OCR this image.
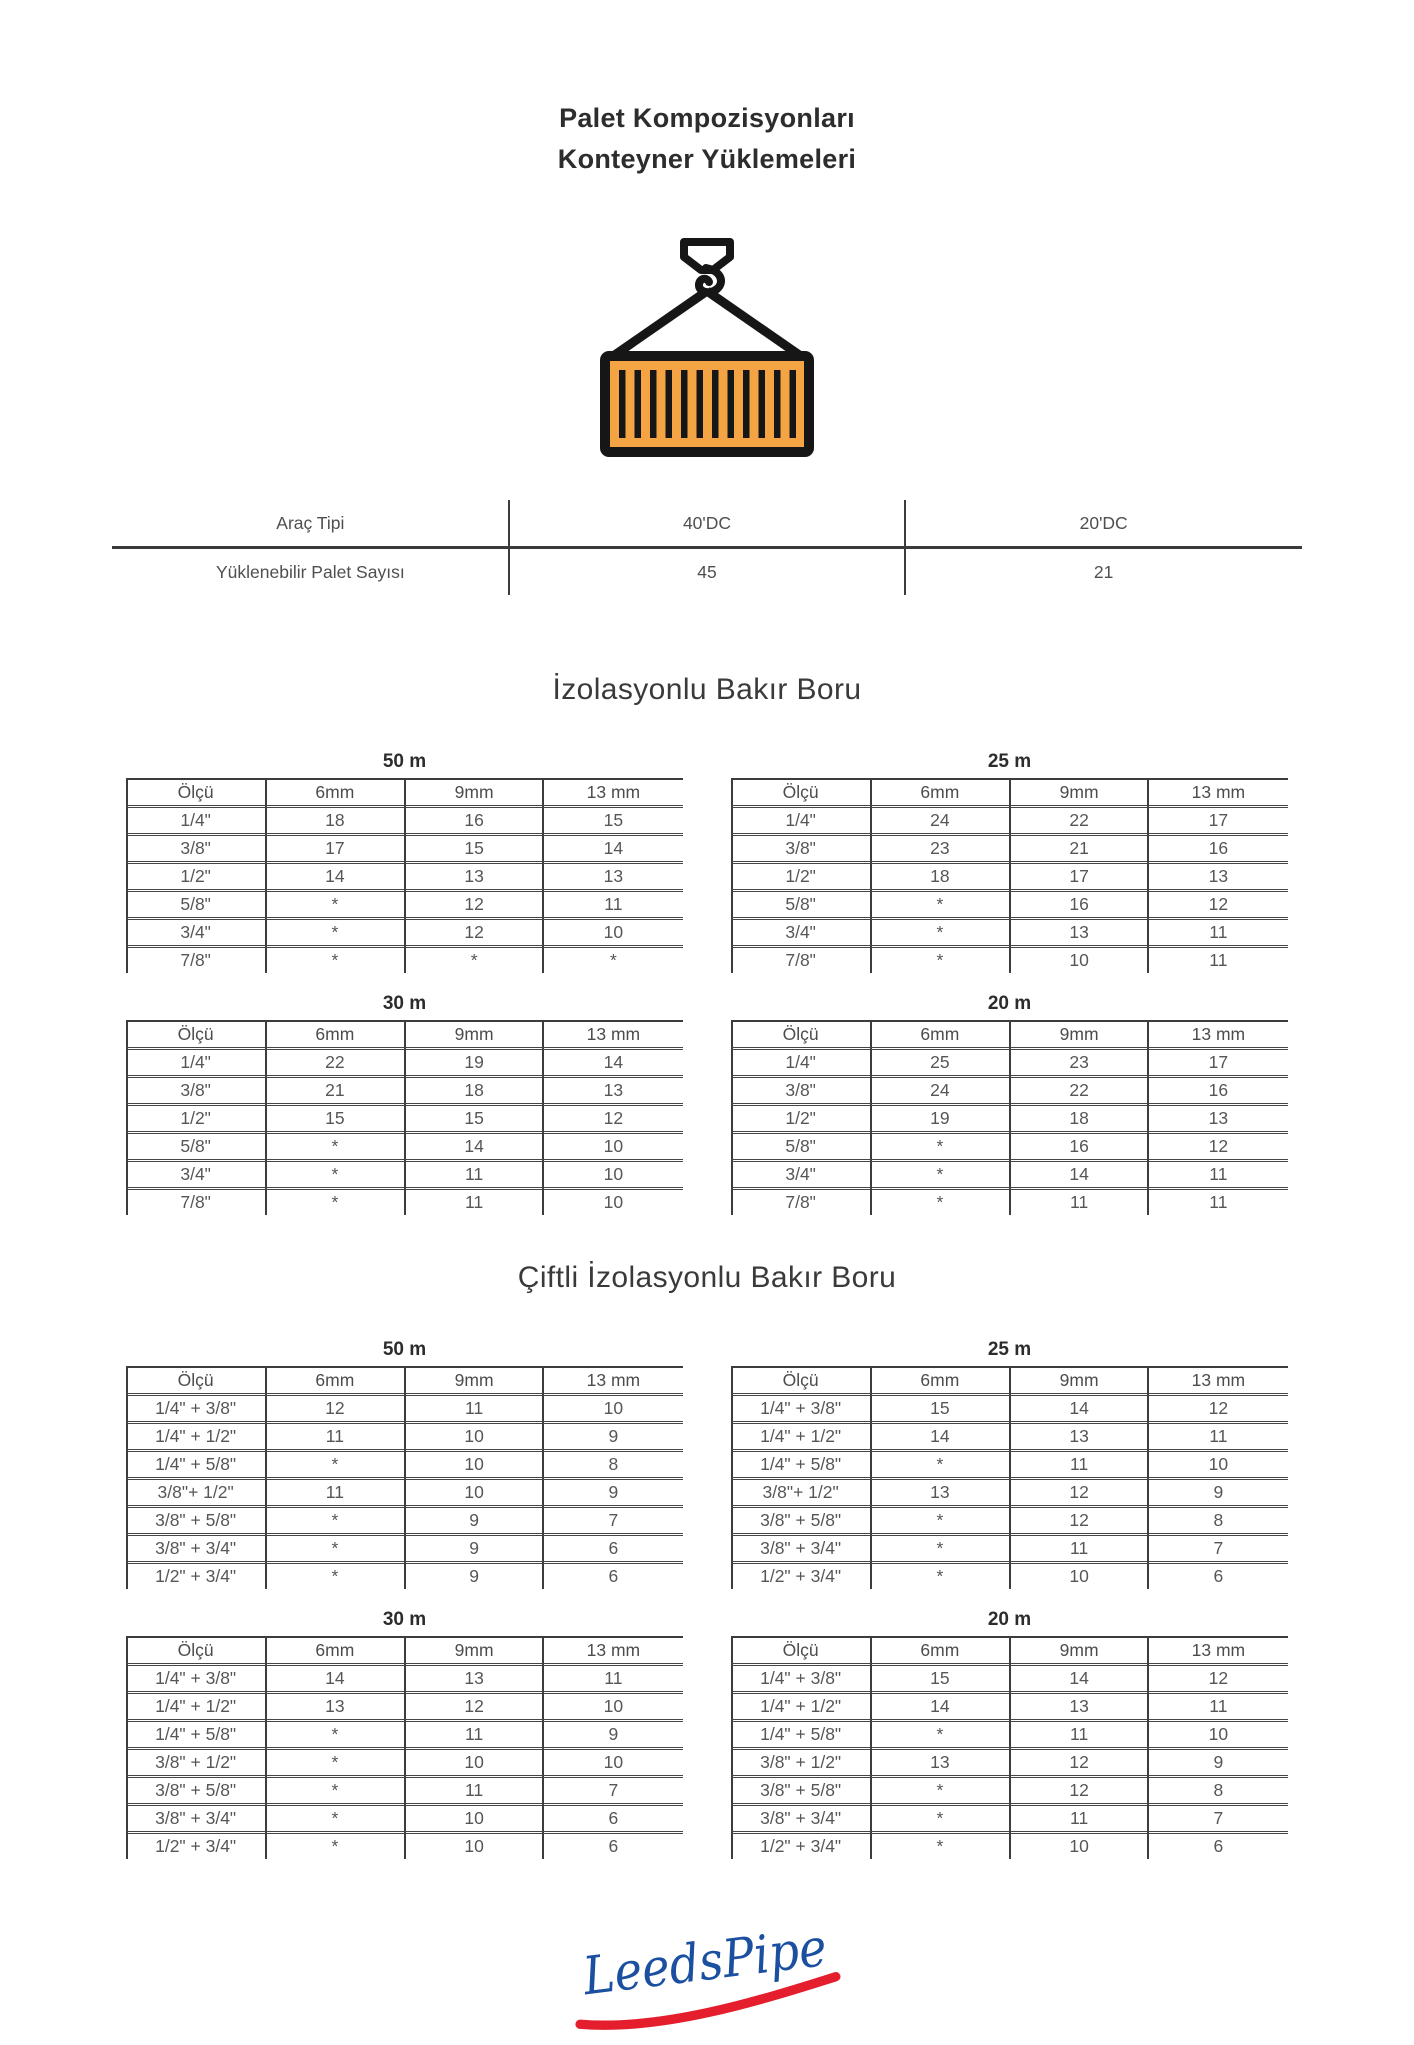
Palet Kompozisyonları
Konteyner Yüklemeleri
Araç Tipi	40'DC	20'DC
Yüklenebilir Palet Sayısı	45	21
İzolasyonlu Bakır Boru
50 m
Ölçü	6mm	9mm	13 mm
1/4"	18	16	15
3/8"	17	15	14
1/2"	14	13	13
5/8"	*	12	11
3/4"	*	12	10
7/8"	*	*	*
25 m
Ölçü	6mm	9mm	13 mm
1/4"	24	22	17
3/8"	23	21	16
1/2"	18	17	13
5/8"	*	16	12
3/4"	*	13	11
7/8"	*	10	11
30 m
Ölçü	6mm	9mm	13 mm
1/4"	22	19	14
3/8"	21	18	13
1/2"	15	15	12
5/8"	*	14	10
3/4"	*	11	10
7/8"	*	11	10
20 m
Ölçü	6mm	9mm	13 mm
1/4"	25	23	17
3/8"	24	22	16
1/2"	19	18	13
5/8"	*	16	12
3/4"	*	14	11
7/8"	*	11	11
Çiftli İzolasyonlu Bakır Boru
50 m
Ölçü	6mm	9mm	13 mm
1/4" + 3/8"	12	11	10
1/4" + 1/2"	11	10	9
1/4" + 5/8"	*	10	8
3/8"+ 1/2"	11	10	9
3/8" + 5/8"	*	9	7
3/8" + 3/4"	*	9	6
1/2" + 3/4"	*	9	6
25 m
Ölçü	6mm	9mm	13 mm
1/4" + 3/8"	15	14	12
1/4" + 1/2"	14	13	11
1/4" + 5/8"	*	11	10
3/8"+ 1/2"	13	12	9
3/8" + 5/8"	*	12	8
3/8" + 3/4"	*	11	7
1/2" + 3/4"	*	10	6
30 m
Ölçü	6mm	9mm	13 mm
1/4" + 3/8"	14	13	11
1/4" + 1/2"	13	12	10
1/4" + 5/8"	*	11	9
3/8" + 1/2"	*	10	10
3/8" + 5/8"	*	11	7
3/8" + 3/4"	*	10	6
1/2" + 3/4"	*	10	6
20 m
Ölçü	6mm	9mm	13 mm
1/4" + 3/8"	15	14	12
1/4" + 1/2"	14	13	11
1/4" + 5/8"	*	11	10
3/8" + 1/2"	13	12	9
3/8" + 5/8"	*	12	8
3/8" + 3/4"	*	11	7
1/2" + 3/4"	*	10	6
LeedsPipe
